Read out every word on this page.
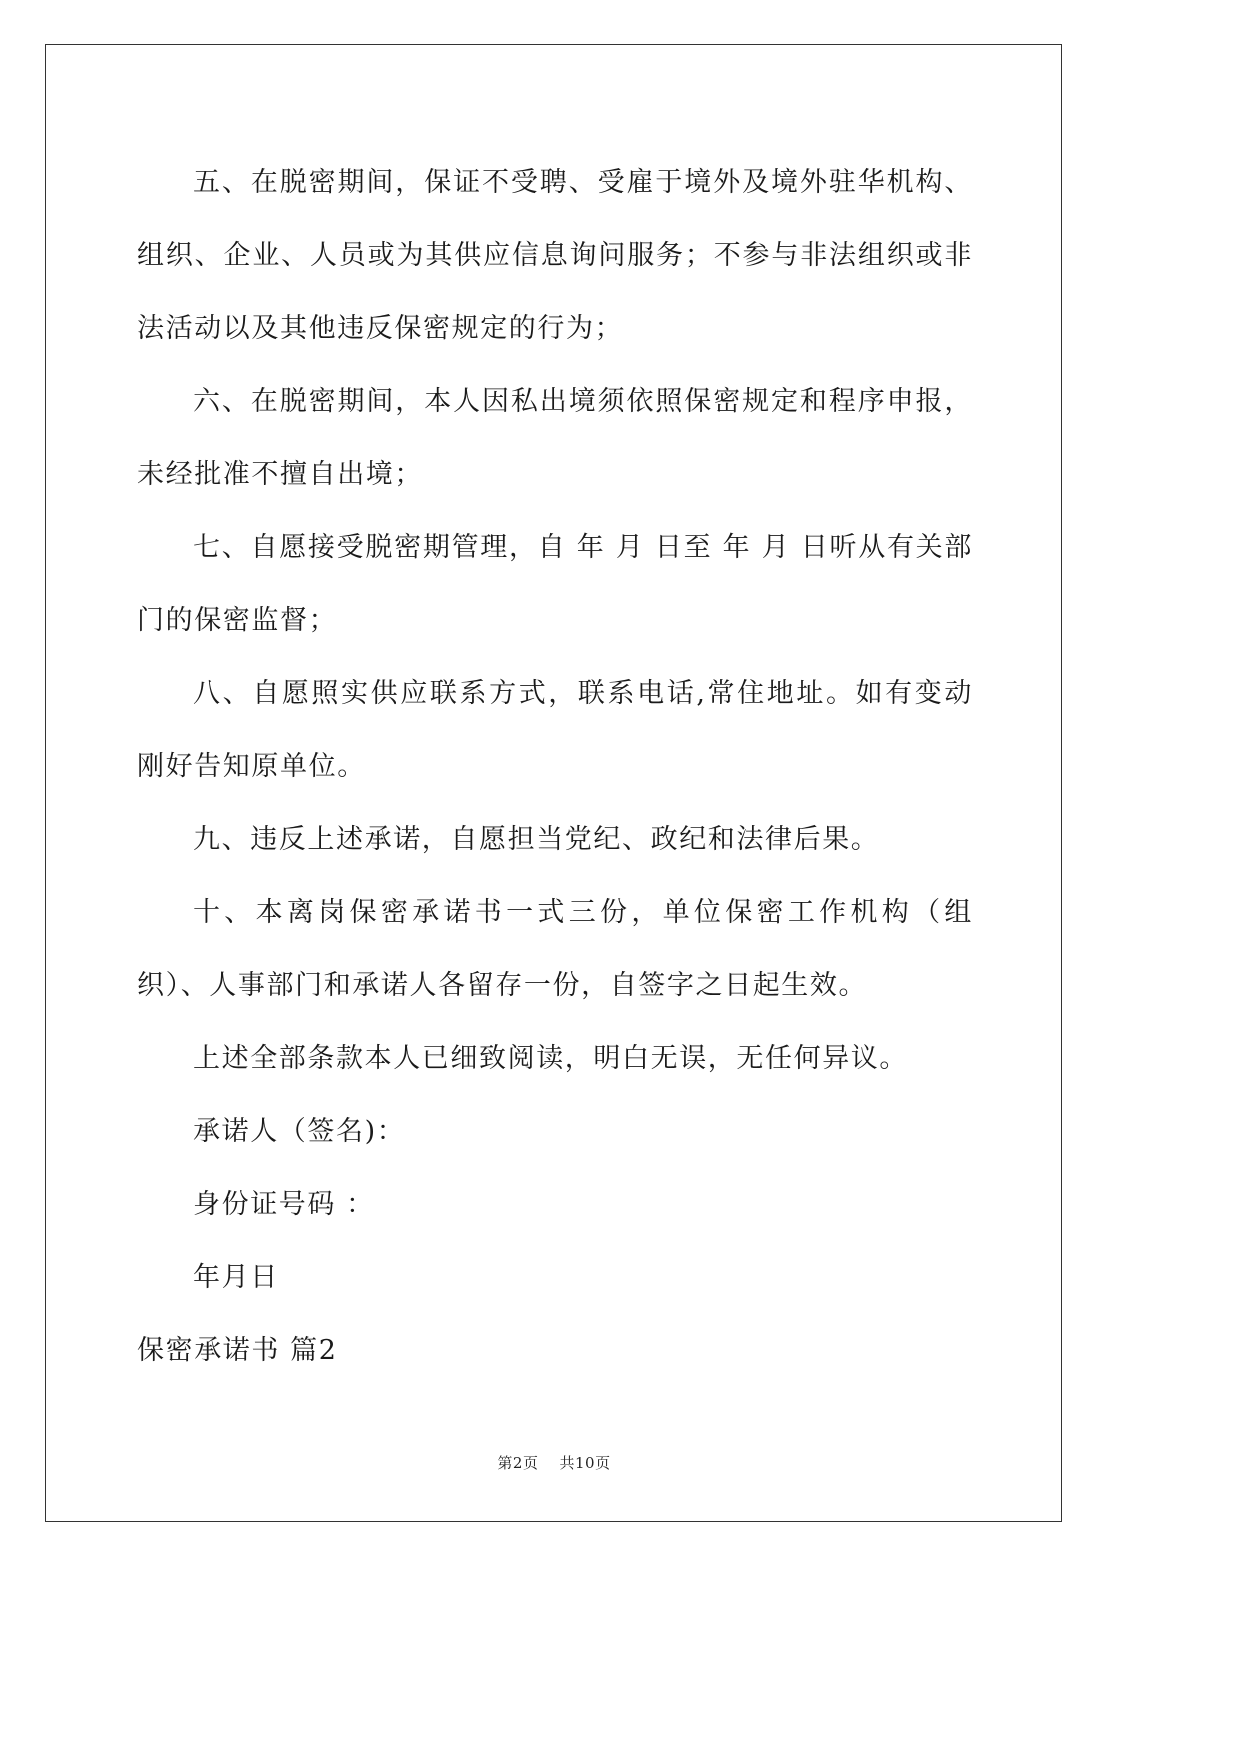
五、在脱密期间，保证不受聘、受雇于境外及境外驻华机构、组织、企业、人员或为其供应信息询问服务；不参与非法组织或非法活动以及其他违反保密规定的行为；

六、在脱密期间，本人因私出境须依照保密规定和程序申报，未经批准不擅自出境；

七、自愿接受脱密期管理，自 年 月 日至 年 月 日听从有关部门的保密监督；

八、自愿照实供应联系方式，联系电话,常住地址。如有变动刚好告知原单位。

九、违反上述承诺，自愿担当党纪、政纪和法律后果。

十、本离岗保密承诺书一式三份，单位保密工作机构（组织）、人事部门和承诺人各留存一份，自签字之日起生效。

上述全部条款本人已细致阅读，明白无误，无任何异议。

承诺人（签名)：

身份证号码 ：

年月日

保密承诺书 篇2

第2页    共10页
